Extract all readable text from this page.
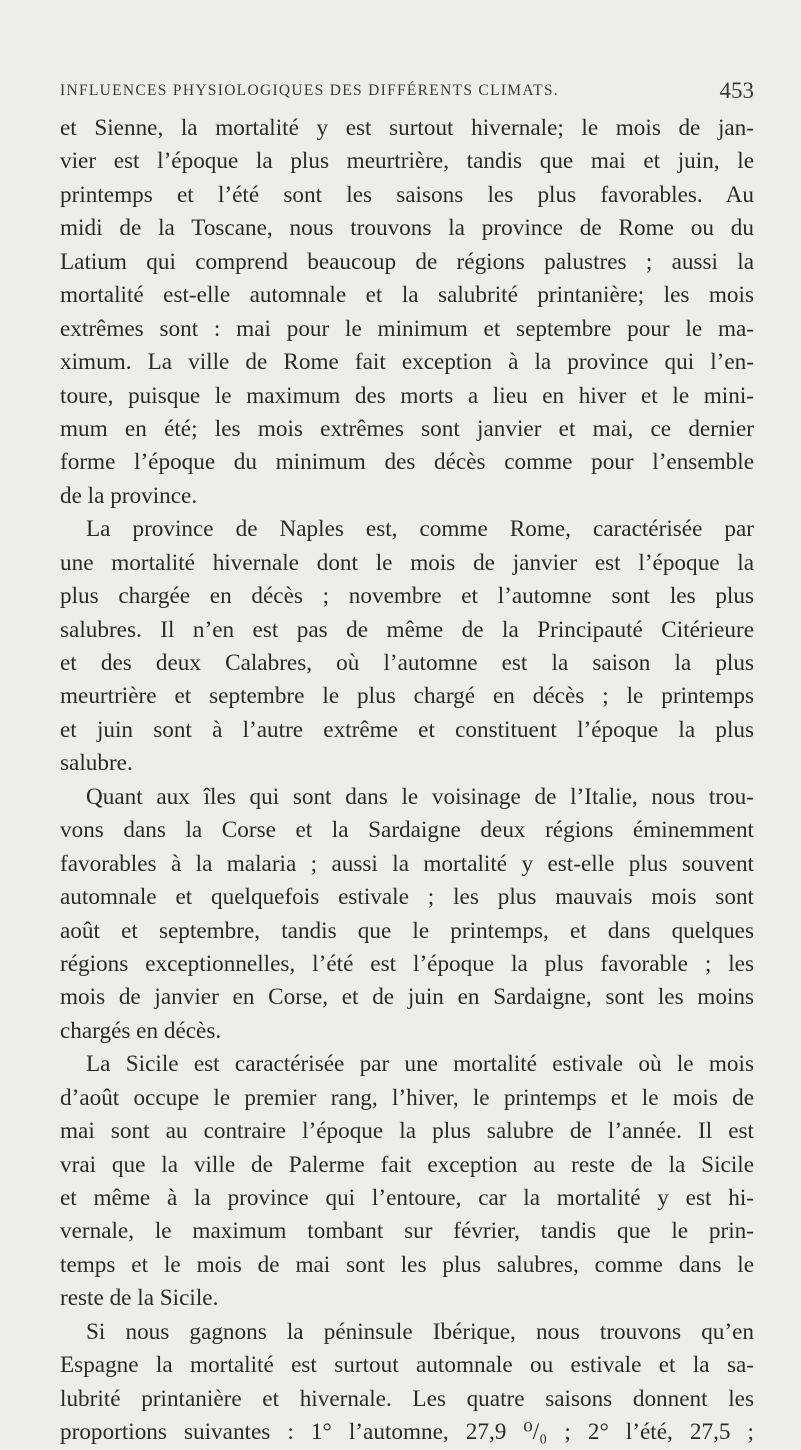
INFLUENCES PHYSIOLOGIQUES DES DIFFÉRENTS CLIMATS.	453
et Sienne, la mortalité y est surtout hivernale; le mois de jan-
vier est l’époque la plus meurtrière, tandis que mai et juin, le
printemps et l’été sont les saisons les plus favorables. Au
midi de la Toscane, nous trouvons la province de Rome ou du
Latium qui comprend beaucoup de régions palustres ; aussi la
mortalité est-elle automnale et la salubrité printanière; les mois
extrêmes sont : mai pour le minimum et septembre pour le ma-
ximum. La ville de Rome fait exception à la province qui l’en-
toure, puisque le maximum des morts a lieu en hiver et le mini-
mum en été; les mois extrêmes sont janvier et mai, ce dernier
forme l’époque du minimum des décès comme pour l’ensemble
de la province.
La province de Naples est, comme Rome, caractérisée par
une mortalité hivernale dont le mois de janvier est l’époque la
plus chargée en décès ; novembre et l’automne sont les plus
salubres. Il n’en est pas de même de la Principauté Citérieure
et des deux Calabres, où l’automne est la saison la plus
meurtrière et septembre le plus chargé en décès ; le printemps
et juin sont à l’autre extrême et constituent l’époque la plus
salubre.
Quant aux îles qui sont dans le voisinage de l’Italie, nous trou-
vons dans la Corse et la Sardaigne deux régions éminemment
favorables à la malaria ; aussi la mortalité y est-elle plus souvent
automnale et quelquefois estivale ; les plus mauvais mois sont
août et septembre, tandis que le printemps, et dans quelques
régions exceptionnelles, l’été est l’époque la plus favorable ; les
mois de janvier en Corse, et de juin en Sardaigne, sont les moins
chargés en décès.
La Sicile est caractérisée par une mortalité estivale où le mois
d’août occupe le premier rang, l’hiver, le printemps et le mois de
mai sont au contraire l’époque la plus salubre de l’année. Il est
vrai que la ville de Palerme fait exception au reste de la Sicile
et même à la province qui l’entoure, car la mortalité y est hi-
vernale, le maximum tombant sur février, tandis que le prin-
temps et le mois de mai sont les plus salubres, comme dans le
reste de la Sicile.
Si nous gagnons la péninsule Ibérique, nous trouvons qu’en
Espagne la mortalité est surtout automnale ou estivale et la sa-
lubrité printanière et hivernale. Les quatre saisons donnent les
proportions suivantes : 1° l’automne, 27,9 ⁰/₀ ; 2° l’été, 27,5 ;
